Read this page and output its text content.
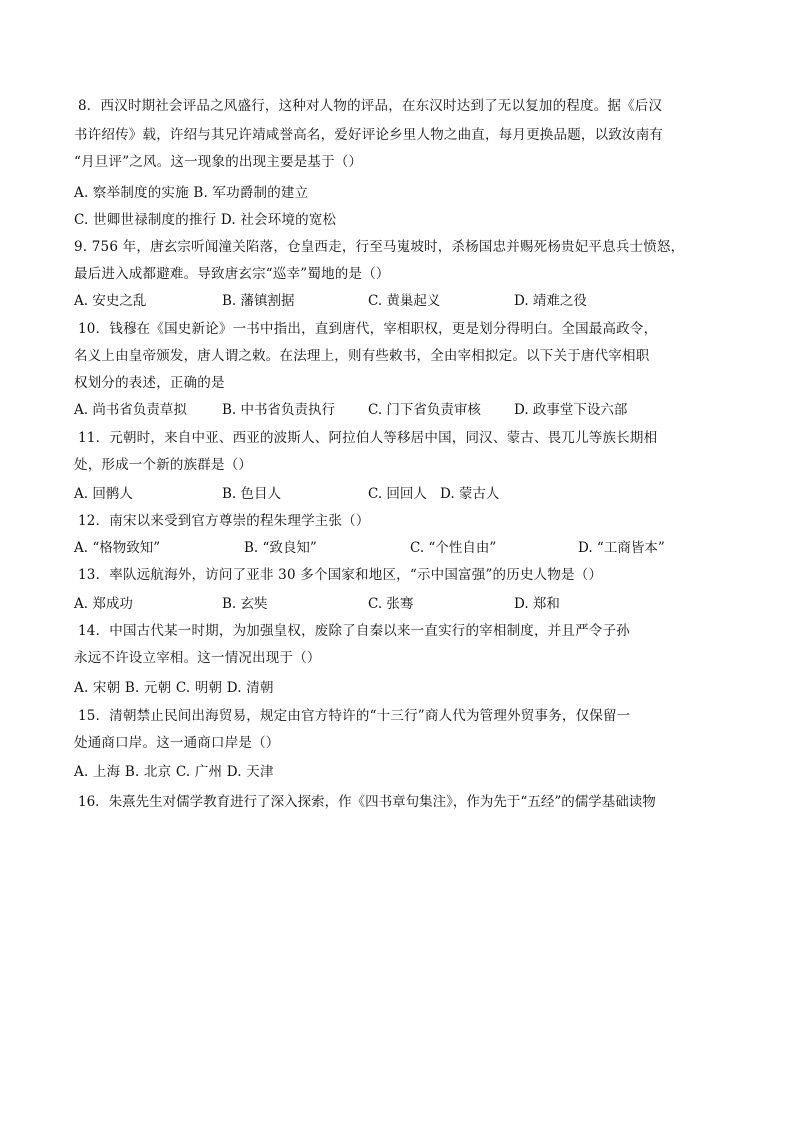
8．西汉时期社会评品之风盛行，这种对人物的评品，在东汉时达到了无以复加的程度。据《后汉
书许绍传》载，许绍与其兄许靖咸誉高名，爱好评论乡里人物之曲直，每月更换品题，以致汝南有
“月旦评”之风。这一现象的出现主要是基于（）
A. 察举制度的实施 B. 军功爵制的建立
C. 世卿世禄制度的推行 D. 社会环境的宽松
9. 756 年，唐玄宗听闻潼关陷落，仓皇西走，行至马嵬坡时，杀杨国忠并赐死杨贵妃平息兵士愤怒，
最后进入成都避难。导致唐玄宗“巡幸”蜀地的是（）
A. 安史之乱	B. 藩镇割据	C. 黄巢起义	D. 靖难之役
10．钱穆在《国史新论》一书中指出，直到唐代，宰相职权，更是划分得明白。全国最高政令，
名义上由皇帝颁发，唐人谓之敕。在法理上，则有些敕书，全由宰相拟定。以下关于唐代宰相职
权划分的表述，正确的是
A. 尚书省负责草拟	B. 中书省负责执行 C. 门下省负责审核 D. 政事堂下设六部
11．元朝时，来自中亚、西亚的波斯人、阿拉伯人等移居中国，同汉、蒙古、畏兀儿等族长期相
处，形成一个新的族群是（）
A. 回鹘人	B. 色目人	C. 回回人 D. 蒙古人
12．南宋以来受到官方尊崇的程朱理学主张（）
A. “格物致知”	B. “致良知”	C. “个性自由”	D. “工商皆本”
13．率队远航海外，访问了亚非 30 多个国家和地区，“示中国富强”的历史人物是（）
A. 郑成功	B. 玄奘	C. 张骞	D. 郑和
14．中国古代某一时期，为加强皇权，废除了自秦以来一直实行的宰相制度，并且严令子孙
永远不许设立宰相。这一情况出现于（）
A. 宋朝 B. 元朝 C. 明朝 D. 清朝
15．清朝禁止民间出海贸易，规定由官方特许的“十三行”商人代为管理外贸事务，仅保留一
处通商口岸。这一通商口岸是（）
A. 上海 B. 北京 C. 广州 D. 天津
16．朱熹先生对儒学教育进行了深入探索，作《四书章句集注》，作为先于“五经”的儒学基础读物
